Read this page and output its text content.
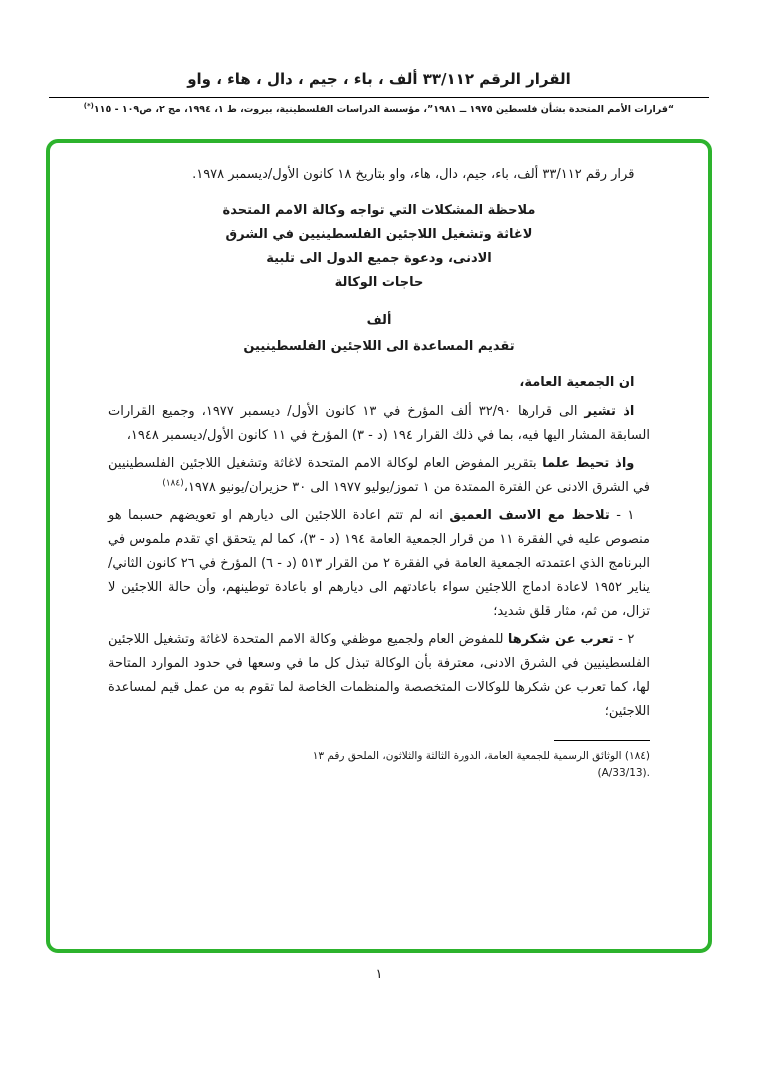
القرار الرقم ٣٣/١١٢ ألف ، باء ، جيم ، دال ، هاء ، واو
“قرارات الأمم المتحدة بشأن فلسطين ١٩٧٥ ــ ١٩٨١”، مؤسسة الدراسات الفلسطينية، بيروت، ط ١، ١٩٩٤، مج ٢، ص١٠٩ - ١١٥(*)

قرار رقم ٣٣/١١٢ ألف، باء، جيم، دال، هاء، واو بتاريخ ١٨ كانون الأول/ديسمبر ١٩٧٨.

ملاحظة المشكلات التي تواجه وكالة الامم المتحدة
لاغاثة وتشغيل اللاجئين الفلسطينيين في الشرق
الادنى، ودعوة جميع الدول الى تلبية
حاجات الوكالة
ألف
تقديم المساعدة الى اللاجئين الفلسطينيين

ان الجمعية العامة،

اذ تشير الى قرارها ٣٢/٩٠ ألف المؤرخ في ١٣ كانون الأول/ ديسمبر ١٩٧٧، وجميع القرارات السابقة المشار اليها فيه، بما في ذلك القرار ١٩٤ (د - ٣) المؤرخ في ١١ كانون الأول/ديسمبر ١٩٤٨،

واذ تحيط علما بتقرير المفوض العام لوكالة الامم المتحدة لاغاثة وتشغيل اللاجئين الفلسطينيين في الشرق الادنى عن الفترة الممتدة من ١ تموز/يوليو ١٩٧٧ الى ٣٠ حزيران/يونيو ١٩٧٨،$^{(١٨٤)}$

١ - تلاحظ مع الاسف العميق انه لم تتم اعادة اللاجئين الى ديارهم او تعويضهم حسبما هو منصوص عليه في الفقرة ١١ من قرار الجمعية العامة ١٩٤ (د - ٣)، كما لم يتحقق اي تقدم ملموس في البرنامج الذي اعتمدته الجمعية العامة في الفقرة ٢ من القرار ٥١٣ (د - ٦) المؤرخ في ٢٦ كانون الثاني/يناير ١٩٥٢ لاعادة ادماج اللاجئين سواء باعادتهم الى ديارهم او باعادة توطينهم، وأن حالة اللاجئين لا تزال، من ثم، مثار قلق شديد؛

٢ - تعرب عن شكرها للمفوض العام ولجميع موظفي وكالة الامم المتحدة لاغاثة وتشغيل اللاجئين الفلسطينيين في الشرق الادنى، معترفة بأن الوكالة تبذل كل ما في وسعها في حدود الموارد المتاحة لها، كما تعرب عن شكرها للوكالات المتخصصة والمنظمات الخاصة لما تقوم به من عمل قيم لمساعدة اللاجئين؛

(١٨٤) الوثائق الرسمية للجمعية العامة، الدورة الثالثة والثلاثون، الملحق رقم ١٣
(A/33/13).
١
